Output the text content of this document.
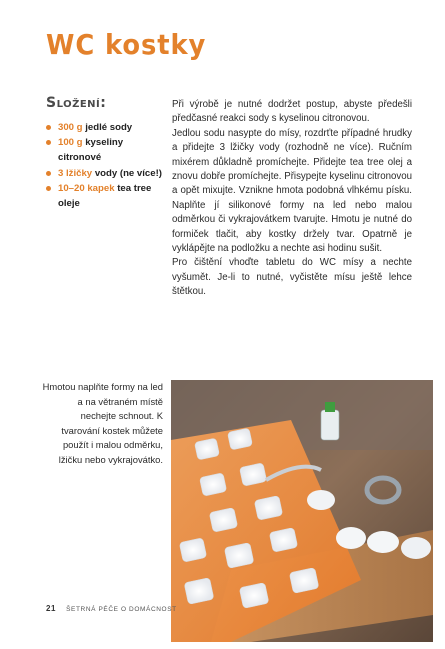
WC kostky
Složení:
300 g jedlé sody
100 g kyseliny citronové
3 lžičky vody (ne více!)
10–20 kapek tea tree oleje

Při výrobě je nutné dodržet postup, abyste předešli předčasné reakci sody s kyselinou citronovou.

Jedlou sodu nasypte do mísy, rozdrťte případné hrudky a přidejte 3 lžičky vody (rozhodně ne více). Ručním mixérem důkladně promíchejte. Přidejte tea tree olej a znovu dobře promíchejte. Přisypejte kyselinu citronovou a opět mixujte. Vznikne hmota podobná vlhkému písku. Naplňte jí silikonové formy na led nebo malou odměrkou či vykrajovátkem tvarujte. Hmotu je nutné do formiček tlačit, aby kostky držely tvar. Opatrně je vyklápějte na podložku a nechte asi hodinu sušit.

Pro čištění vhoďte tabletu do WC mísy a nechte vyšumět. Je-li to nutné, vyčistěte mísu ještě lehce štětkou.

Hmotou naplňte formy na led a na větraném místě nechejte schnout. K tvarování kostek můžete použít i malou odměrku, lžičku nebo vykrajovátko.
21 ŠETRNÁ PÉČE O DOMÁCNOST
